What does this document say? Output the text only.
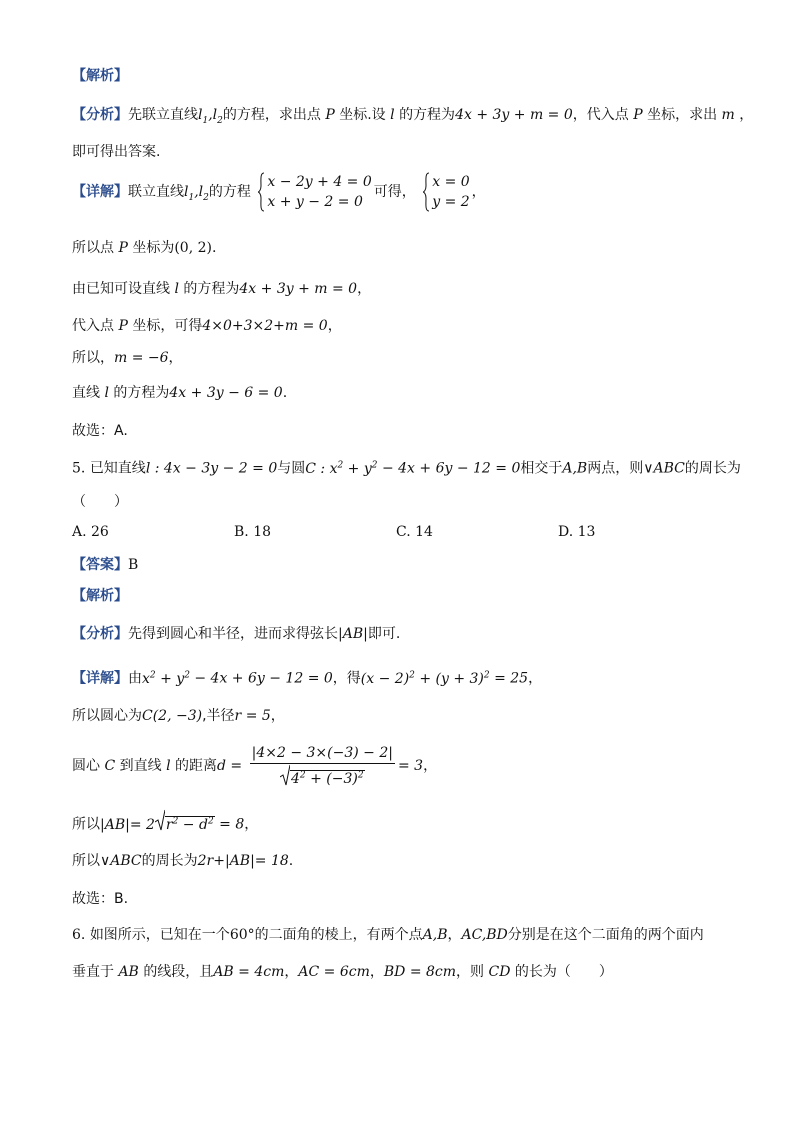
【解析】
【分析】先联立直线$l_1,l_2$的方程，求出点 P 坐标.设 l 的方程为4x + 3y + m = 0，代入点 P 坐标，求出 m ，
即可得出答案.
【详解】联立直线$l_1,l_2$的方程
x − 2y + 4 = 0
x + y − 2 = 0
可得，
x = 0
y = 2
，
所以点 P 坐标为(0, 2).
由已知可设直线 l 的方程为4x + 3y + m = 0，
代入点 P 坐标，可得4×0+3×2+m = 0，
所以，m = −6，
直线 l 的方程为4x + 3y − 6 = 0.
故选：A.
5. 已知直线l : 4x − 3y − 2 = 0与圆C : $x^2 + y^2 - 4x + 6y - 12 = 0$相交于A,B两点，则∨ABC的周长为
（　　）
A. 26	B. 18	C. 14	D. 13
【答案】B
【解析】
【分析】先得到圆心和半径，进而求得弦长|AB|即可.
【详解】由$x^2 + y^2 - 4x + 6y - 12 = 0$，得$(x - 2)^2 + (y + 3)^2 = 25$，
所以圆心为C(2, −3),半径r = 5，
圆心 C 到直线 l 的距离$d = \frac{|4\times 2 - 3\times(-3) - 2|}{4^2 + (-3)^2} = 3$，
所以|AB|= 2 $r^2 - d^2 = 8$，
所以∨ABC的周长为2r+|AB|= 18.
故选：B.
6. 如图所示，已知在一个60°的二面角的棱上，有两个点A,B，AC,BD分别是在这个二面角的两个面内
垂直于 AB 的线段，且AB = 4cm，AC = 6cm，BD = 8cm，则 CD 的长为（　　）
